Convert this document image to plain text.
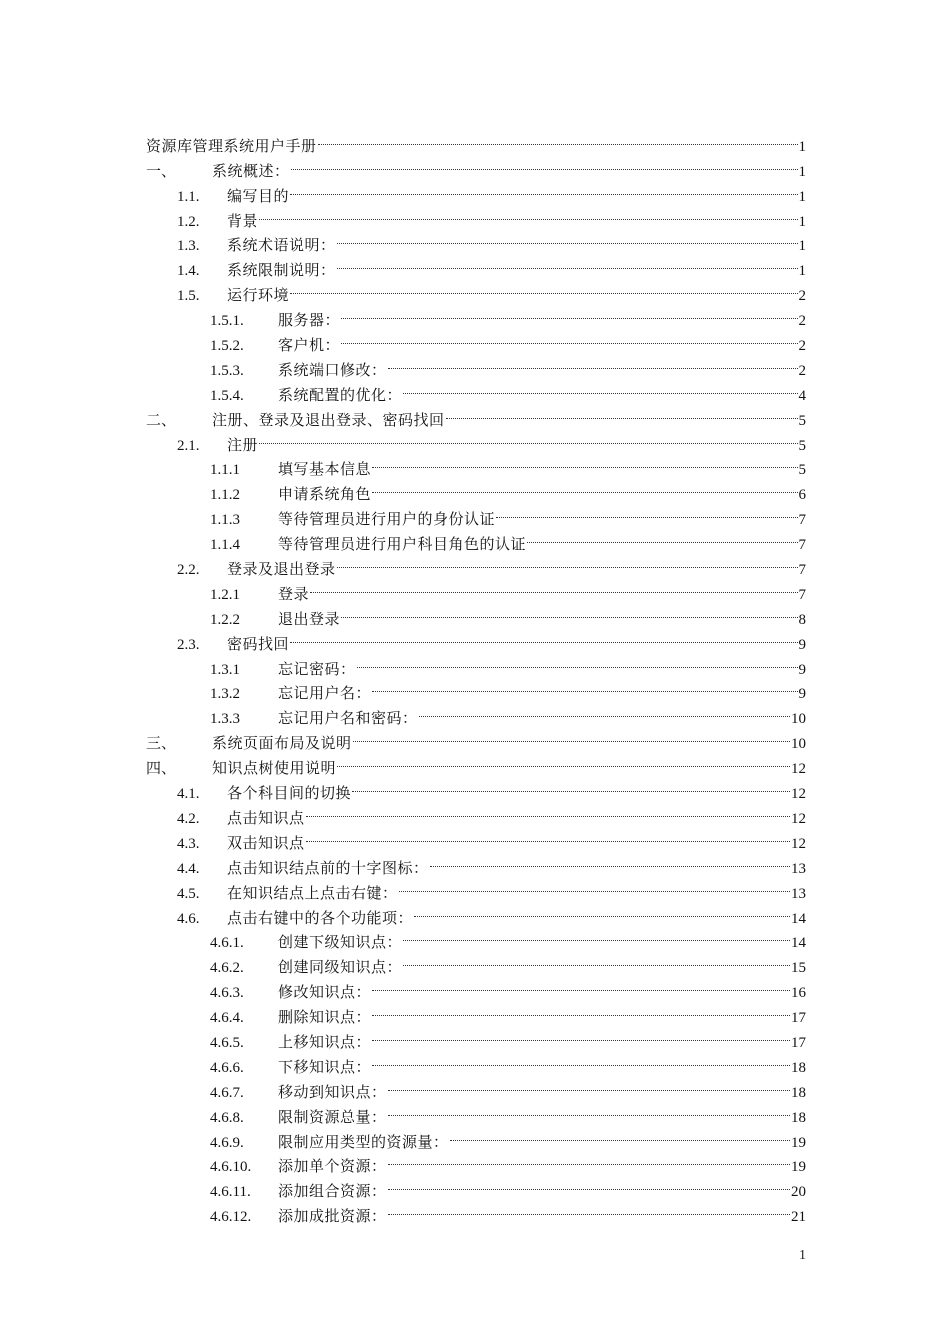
资源库管理系统用户手册	1
一、	系统概述：	1
1.1.	编写目的	1
1.2.	背景	1
1.3.	系统术语说明：	1
1.4.	系统限制说明：	1
1.5.	运行环境	2
1.5.1.	服务器：	2
1.5.2.	客户机：	2
1.5.3.	系统端口修改：	2
1.5.4.	系统配置的优化：	4
二、	注册、登录及退出登录、密码找回	5
2.1.	注册	5
1.1.1	填写基本信息	5
1.1.2	申请系统角色	6
1.1.3	等待管理员进行用户的身份认证	7
1.1.4	等待管理员进行用户科目角色的认证	7
2.2.	登录及退出登录	7
1.2.1	登录	7
1.2.2	退出登录	8
2.3.	密码找回	9
1.3.1	忘记密码：	9
1.3.2	忘记用户名：	9
1.3.3	忘记用户名和密码：	10
三、	系统页面布局及说明	10
四、	知识点树使用说明	12
4.1.	各个科目间的切换	12
4.2.	点击知识点	12
4.3.	双击知识点	12
4.4.	点击知识结点前的十字图标：	13
4.5.	在知识结点上点击右键：	13
4.6.	点击右键中的各个功能项：	14
4.6.1.	创建下级知识点：	14
4.6.2.	创建同级知识点：	15
4.6.3.	修改知识点：	16
4.6.4.	删除知识点：	17
4.6.5.	上移知识点：	17
4.6.6.	下移知识点：	18
4.6.7.	移动到知识点：	18
4.6.8.	限制资源总量：	18
4.6.9.	限制应用类型的资源量：	19
4.6.10.	添加单个资源：	19
4.6.11.	添加组合资源：	20
4.6.12.	添加成批资源：	21
1
